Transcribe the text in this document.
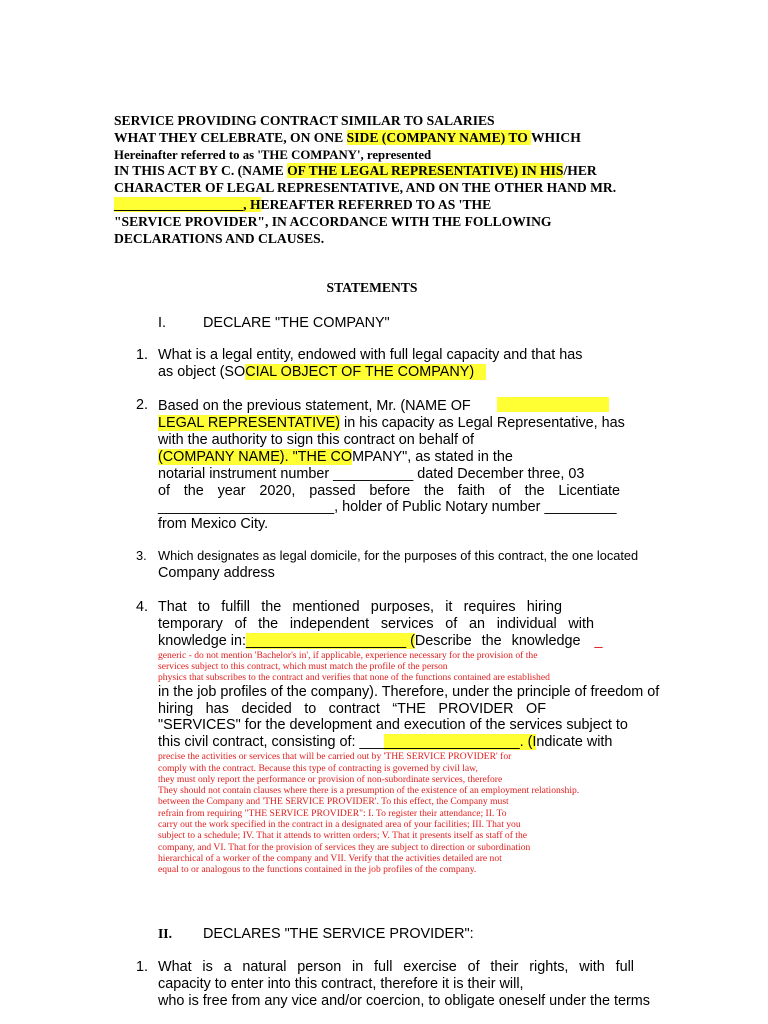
SERVICE PROVIDING CONTRACT SIMILAR TO SALARIES
WHAT THEY CELEBRATE, ON ONE SIDE (COMPANY NAME) TO WHICH
Hereinafter referred to as 'THE COMPANY', represented
IN THIS ACT BY C. (NAME OF THE LEGAL REPRESENTATIVE) IN HIS/HER
CHARACTER OF LEGAL REPRESENTATIVE, AND ON THE OTHER HAND MR.
___________________, HEREAFTER REFERRED TO AS 'THE
"SERVICE PROVIDER", IN ACCORDANCE WITH THE FOLLOWING
DECLARATIONS AND CLAUSES.
STATEMENTS
I.	DECLARE "THE COMPANY"
1. What is a legal entity, endowed with full legal capacity and that has
as object (SOCIAL OBJECT OF THE COMPANY)
2. Based on the previous statement, Mr. (NAME OF
LEGAL REPRESENTATIVE) in his capacity as Legal Representative, has
with the authority to sign this contract on behalf of
(COMPANY NAME). "THE COMPANY", as stated in the
notarial instrument number __________ dated December three, 03
of the year 2020, passed before the faith of the Licentiate
______________________, holder of Public Notary number _________
from Mexico City.
3. Which designates as legal domicile, for the purposes of this contract, the one located
Company address
4. That to fulfill the mentioned purposes, it requires hiring
temporary of the independent services of an individual with
knowledge in:____________________ (Describe the knowledge _
generic - do not mention 'Bachelor's in', if applicable, experience necessary for the provision of the
services subject to this contract, which must match the profile of the person
physics that subscribes to the contract and verifies that none of the functions contained are established
in the job profiles of the company). Therefore, under the principle of freedom of
hiring has decided to contract “THE PROVIDER OF
"SERVICES" for the development and execution of the services subject to
this civil contract, consisting of: ____________________. (Indicate with
precise the activities or services that will be carried out by 'THE SERVICE PROVIDER' for
comply with the contract. Because this type of contracting is governed by civil law,
they must only report the performance or provision of non-subordinate services, therefore
They should not contain clauses where there is a presumption of the existence of an employment relationship.
between the Company and 'THE SERVICE PROVIDER'. To this effect, the Company must
refrain from requiring "THE SERVICE PROVIDER": I. To register their attendance; II. To
carry out the work specified in the contract in a designated area of your facilities; III. That you
subject to a schedule; IV. That it attends to written orders; V. That it presents itself as staff of the
company, and VI. That for the provision of services they are subject to direction or subordination
hierarchical of a worker of the company and VII. Verify that the activities detailed are not
equal to or analogous to the functions contained in the job profiles of the company.
II. DECLARES "THE SERVICE PROVIDER":
1. What is a natural person in full exercise of their rights, with full
capacity to enter into this contract, therefore it is their will,
who is free from any vice and/or coercion, to obligate oneself under the terms
